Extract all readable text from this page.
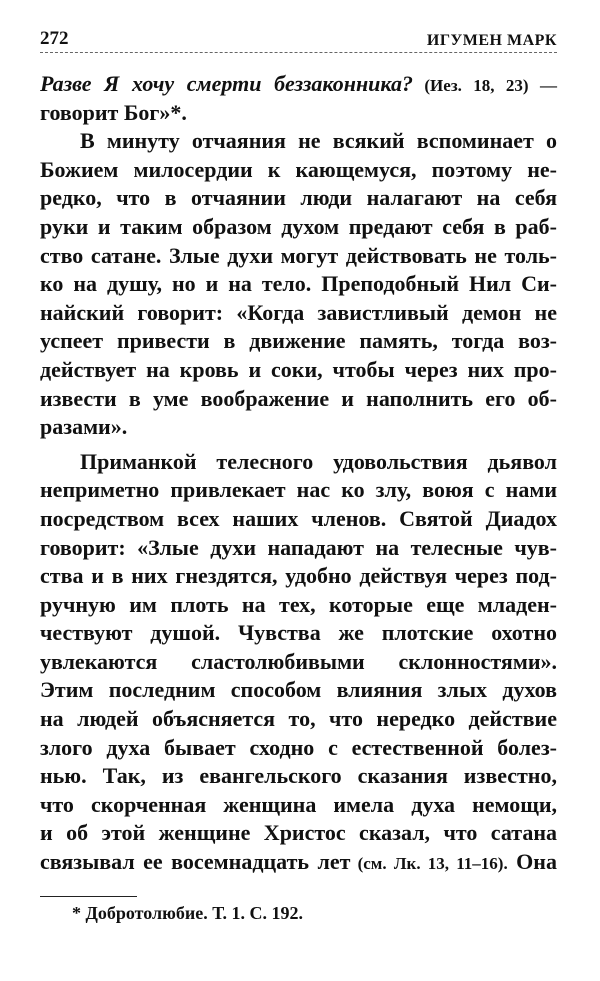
272	ИГУМЕН МАРК
Разве Я хочу смерти беззаконника? (Иез. 18, 23) —
говорит Бог»*.
В минуту отчаяния не всякий вспоминает о
Божием милосердии к кающемуся, поэтому не-
редко, что в отчаянии люди налагают на себя
руки и таким образом духом предают себя в раб-
ство сатане. Злые духи могут действовать не толь-
ко на душу, но и на тело. Преподобный Нил Си-
найский говорит: «Когда завистливый демон не
успеет привести в движение память, тогда воз-
действует на кровь и соки, чтобы через них про-
извести в уме воображение и наполнить его об-
разами».
Приманкой телесного удовольствия дьявол
неприметно привлекает нас ко злу, воюя с нами
посредством всех наших членов. Святой Диадох
говорит: «Злые духи нападают на телесные чув-
ства и в них гнездятся, удобно действуя через под-
ручную им плоть на тех, которые еще младен-
чествуют душой. Чувства же плотские охотно
увлекаются сластолюбивыми склонностями».
Этим последним способом влияния злых духов
на людей объясняется то, что нередко действие
злого духа бывает сходно с естественной болез-
нью. Так, из евангельского сказания известно,
что скорченная женщина имела духа немощи,
и об этой женщине Христос сказал, что сатана
связывал ее восемнадцать лет (см. Лк. 13, 11–16). Она
* Добротолюбие. Т. 1. С. 192.
